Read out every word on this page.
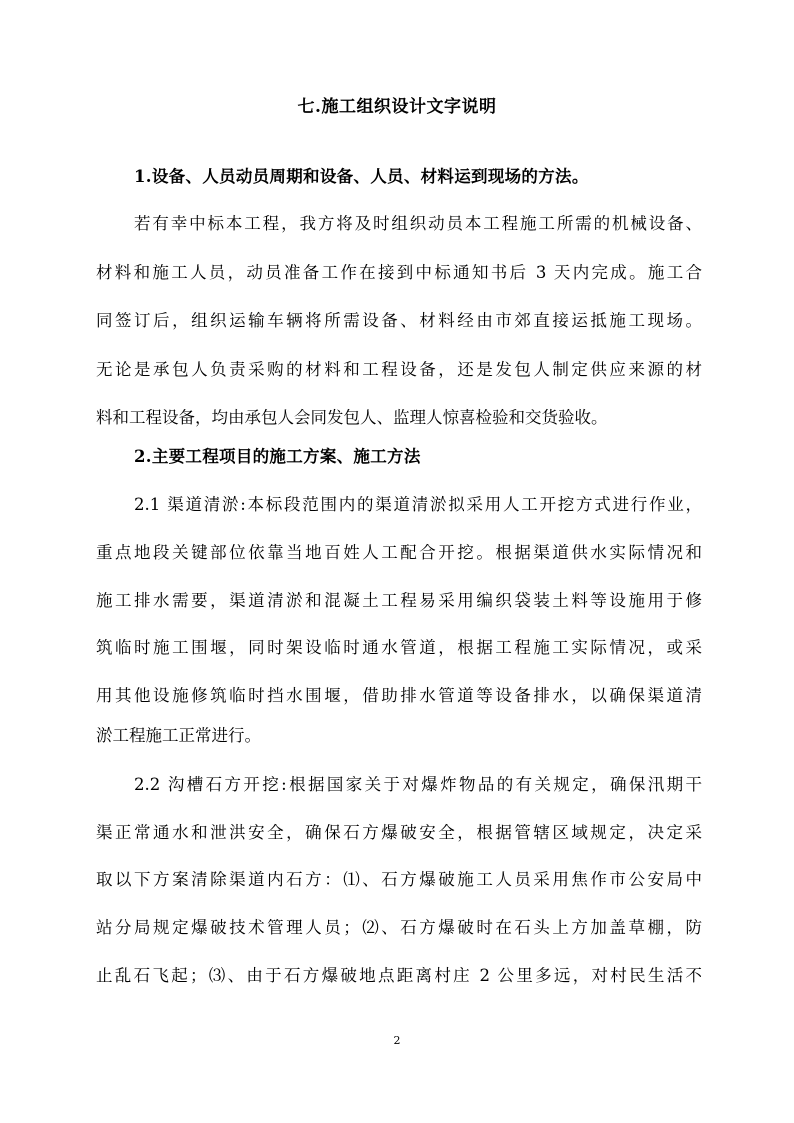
七.施工组织设计文字说明
1.设备、人员动员周期和设备、人员、材料运到现场的方法。
若有幸中标本工程，我方将及时组织动员本工程施工所需的机械设备、
材料和施工人员，动员准备工作在接到中标通知书后 3 天内完成。施工合
同签订后，组织运输车辆将所需设备、材料经由市郊直接运抵施工现场。
无论是承包人负责采购的材料和工程设备，还是发包人制定供应来源的材
料和工程设备，均由承包人会同发包人、监理人惊喜检验和交货验收。
2.主要工程项目的施工方案、施工方法
2.1 渠道清淤:本标段范围内的渠道清淤拟采用人工开挖方式进行作业，
重点地段关键部位依靠当地百姓人工配合开挖。根据渠道供水实际情况和
施工排水需要，渠道清淤和混凝土工程易采用编织袋装土料等设施用于修
筑临时施工围堰，同时架设临时通水管道，根据工程施工实际情况，或采
用其他设施修筑临时挡水围堰，借助排水管道等设备排水，以确保渠道清
淤工程施工正常进行。
2.2 沟槽石方开挖:根据国家关于对爆炸物品的有关规定，确保汛期干
渠正常通水和泄洪安全，确保石方爆破安全，根据管辖区域规定，决定采
取以下方案清除渠道内石方：⑴、石方爆破施工人员采用焦作市公安局中
站分局规定爆破技术管理人员；⑵、石方爆破时在石头上方加盖草棚，防
止乱石飞起；⑶、由于石方爆破地点距离村庄 2 公里多远，对村民生活不
2
